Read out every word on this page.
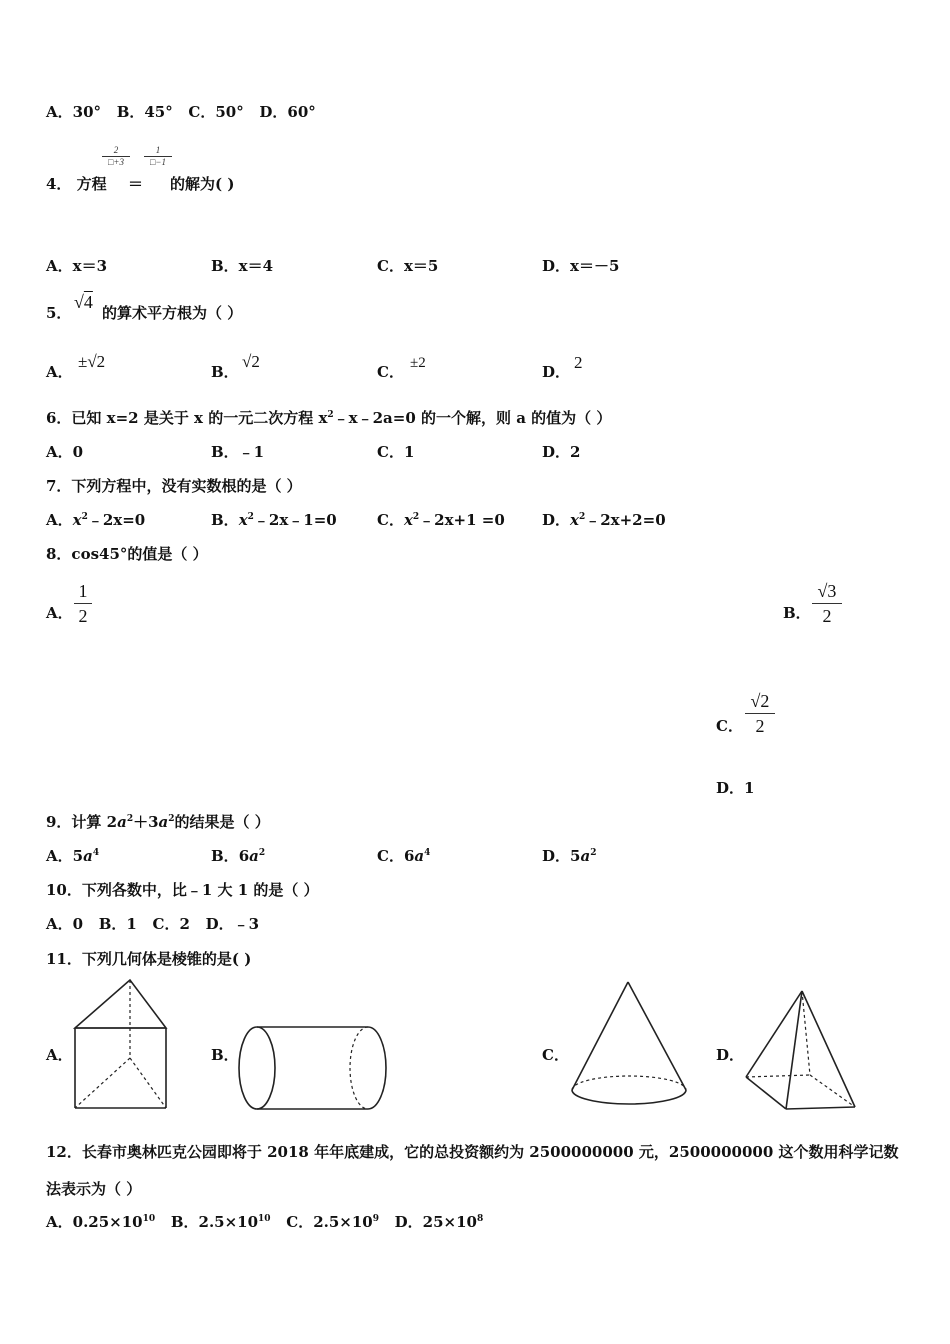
A．30° B．45° C．50° D．60°
4． 方程
2
□+3
＝
1
□−1
的解为( )
A．x＝3	B．x＝4	C．x＝5	D．x＝－5
5．
√4
的算术平方根为（ ）
A．
±√2
B．
√2
C． ±2	D． 2
6．已知 x=2 是关于 x 的一元二次方程 $x^2﹣x﹣2a=0$ 的一个解，则 a 的值为（ ）
A．0	B．﹣1	C．1	D．2
7．下列方程中，没有实数根的是（ ）
A．$x^2﹣2x=0$	B．$x^2﹣2x﹣1=0$	C．$x^2﹣2x+1 =0$ D．$x^2﹣2x+2=0$
8．cos45°的值是（ ）
A．
1
2	B．
√3
2
C．
√2
2
D．1
9．计算 $2a^2+3a^2$的结果是（ ）
A．$5a^4$	B．$6a^2$	C．$6a^4$	D．$5a^2$
10．下列各数中，比﹣1 大 1 的是（ ）
A．0 B．1 C．2 D．﹣3
11．下列几何体是棱锥的是( )
A．	B．	C．	D．
12．长春市奥林匹克公园即将于 2018 年年底建成，它的总投资额约为 2500000000 元，2500000000 这个数用科学记数
法表示为（ ）
A．$0.25\times 10^{10}$ B．$2.5\times 10^{10}$ C．$2.5\times 10^9$ D．$25\times 10^8$
